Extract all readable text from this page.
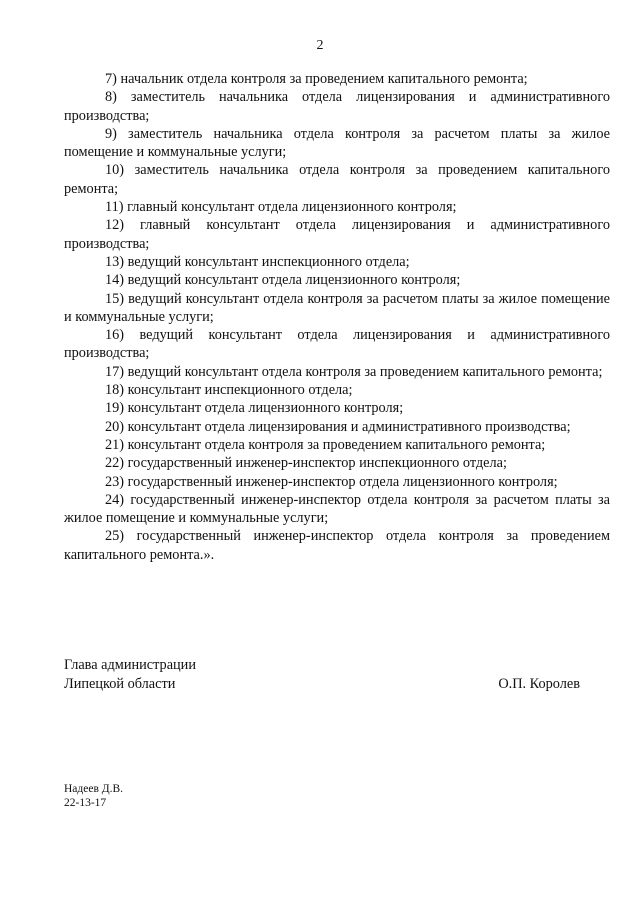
2

7) начальник отдела контроля за проведением капитального ремонта;

8) заместитель начальника отдела лицензирования и административного производства;

9) заместитель начальника отдела контроля за расчетом платы за жилое помещение и коммунальные услуги;

10) заместитель начальника отдела контроля за проведением капитального ремонта;

11) главный консультант отдела лицензионного контроля;

12) главный консультант отдела лицензирования и административного производства;

13) ведущий консультант инспекционного отдела;

14) ведущий консультант отдела лицензионного контроля;

15) ведущий консультант отдела контроля за расчетом платы за жилое помещение и коммунальные услуги;

16) ведущий консультант отдела лицензирования и административного производства;

17) ведущий консультант отдела контроля за проведением капитального ремонта;

18) консультант инспекционного отдела;

19) консультант отдела лицензионного контроля;

20) консультант отдела лицензирования и административного производства;

21) консультант отдела контроля за проведением капитального ремонта;

22) государственный инженер-инспектор инспекционного отдела;

23) государственный инженер-инспектор отдела лицензионного контроля;

24) государственный инженер-инспектор отдела контроля за расчетом платы за жилое помещение и коммунальные услуги;

25) государственный инженер-инспектор отдела контроля за проведением капитального ремонта.».

Глава администрации
Липецкой области	О.П. Королев
Надеев Д.В.
22-13-17
